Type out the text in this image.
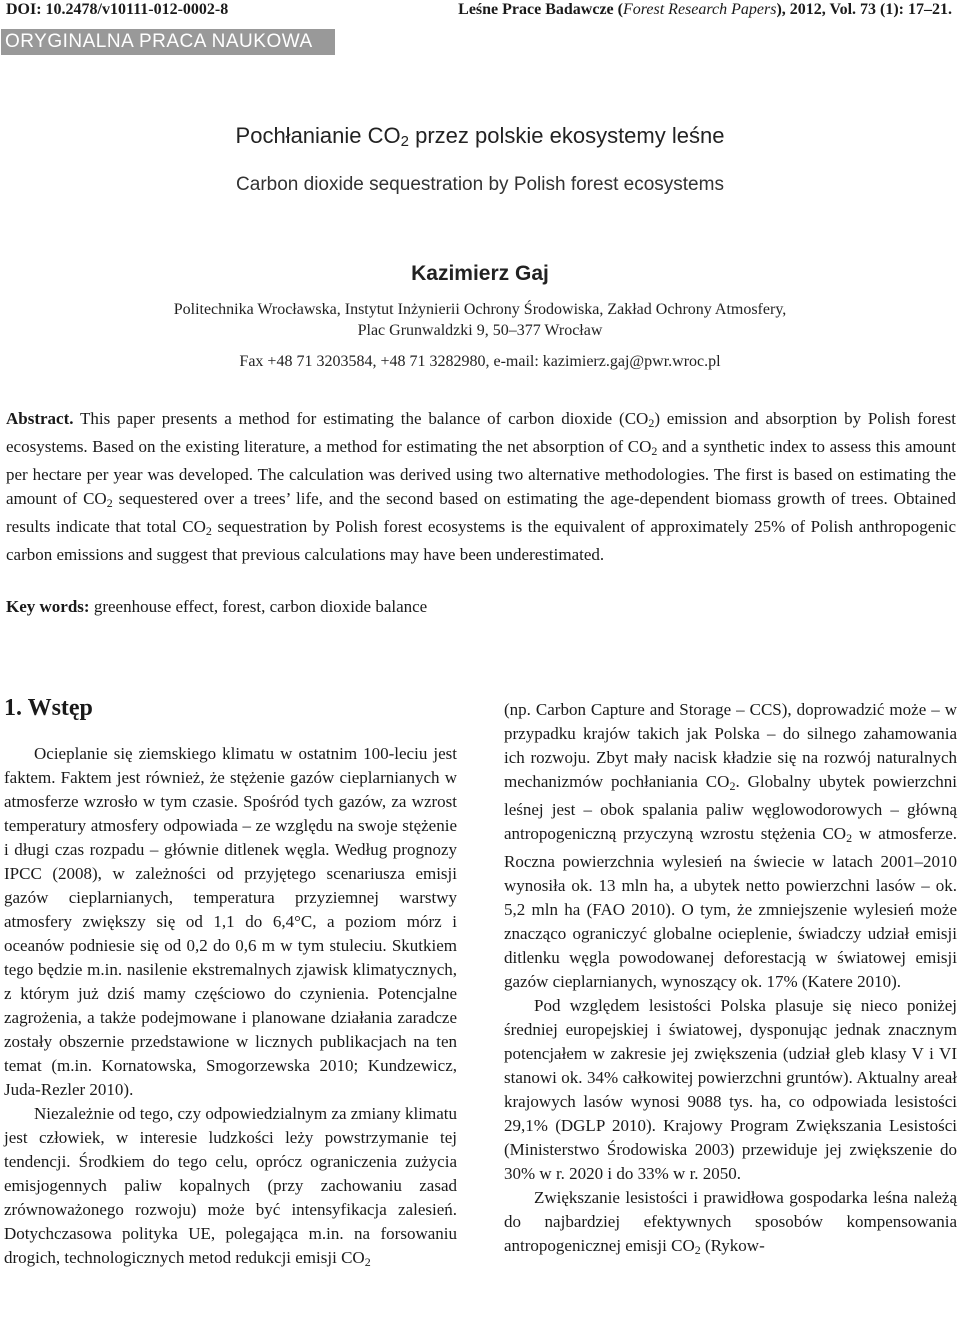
DOI: 10.2478/v10111-012-0002-8	Leśne Prace Badawcze (Forest Research Papers), 2012, Vol. 73 (1): 17–21.
ORYGINALNA PRACA NAUKOWA
Pochłanianie $CO_2$ przez polskie ekosystemy leśne
Carbon dioxide sequestration by Polish forest ecosystems
Kazimierz Gaj
Politechnika Wrocławska, Instytut Inżynierii Ochrony Środowiska, Zakład Ochrony Atmosfery,
Plac Grunwaldzki 9, 50–377 Wrocław
Fax +48 71 3203584, +48 71 3282980, e-mail: kazimierz.gaj@pwr.wroc.pl
Abstract. This paper presents a method for estimating the balance of carbon dioxide $(CO_2)$ emission and absorption by Polish forest ecosystems. Based on the existing literature, a method for estimating the net absorption of $CO_2$ and a synthetic index to assess this amount per hectare per year was developed. The calculation was derived using two alternative methodologies. The first is based on estimating the amount of $CO_2$ sequestered over a trees’ life, and the second based on estimating the age-dependent biomass growth of trees. Obtained results indicate that total $CO_2$ sequestration by Polish forest ecosystems is the equivalent of approximately 25% of Polish anthropogenic carbon emissions and suggest that previous calculations may have been underestimated.
Key words: greenhouse effect, forest, carbon dioxide balance
1. Wstęp

Ocieplanie się ziemskiego klimatu w ostatnim 100-leciu jest faktem. Faktem jest również, że stężenie gazów cieplarnianych w atmosferze wzrosło w tym czasie. Spośród tych gazów, za wzrost temperatury atmosfery odpowiada – ze względu na swoje stężenie i długi czas rozpadu – głównie ditlenek węgla. Według prognozy IPCC (2008), w zależności od przyjętego scenariusza emisji gazów cieplarnianych, temperatura przyziemnej warstwy atmosfery zwiększy się od 1,1 do 6,4°C, a poziom mórz i oceanów podniesie się od 0,2 do 0,6 m w tym stuleciu. Skutkiem tego będzie m.in. nasilenie ekstremalnych zjawisk klimatycznych, z którym już dziś mamy częściowo do czynienia. Potencjalne zagrożenia, a także podejmowane i planowane działania zaradcze zostały obszernie przedstawione w licznych publikacjach na ten temat (m.in. Kornatowska, Smogorzewska 2010; Kundzewicz, Juda-Rezler 2010).

Niezależnie od tego, czy odpowiedzialnym za zmiany klimatu jest człowiek, w interesie ludzkości leży powstrzymanie tej tendencji. Środkiem do tego celu, oprócz ograniczenia zużycia emisjogennych paliw kopalnych (przy zachowaniu zasad zrównoważonego rozwoju) może być intensyfikacja zalesień. Dotychczasowa polityka UE, polegająca m.in. na forsowaniu drogich, technologicznych metod redukcji emisji $CO_2$

(np. Carbon Capture and Storage – CCS), doprowadzić może – w przypadku krajów takich jak Polska – do silnego zahamowania ich rozwoju. Zbyt mały nacisk kładzie się na rozwój naturalnych mechanizmów pochłaniania $CO_2$. Globalny ubytek powierzchni leśnej jest – obok spalania paliw węglowodorowych – główną antropogeniczną przyczyną wzrostu stężenia $CO_2$ w atmosferze. Roczna powierzchnia wylesień na świecie w latach 2001–2010 wynosiła ok. 13 mln ha, a ubytek netto powierzchni lasów – ok. 5,2 mln ha (FAO 2010). O tym, że zmniejszenie wylesień może znacząco ograniczyć globalne ocieplenie, świadczy udział emisji ditlenku węgla powodowanej deforestacją w światowej emisji gazów cieplarnianych, wynoszący ok. 17% (Katere 2010).

Pod względem lesistości Polska plasuje się nieco poniżej średniej europejskiej i światowej, dysponując jednak znacznym potencjałem w zakresie jej zwiększenia (udział gleb klasy V i VI stanowi ok. 34% całkowitej powierzchni gruntów). Aktualny areał krajowych lasów wynosi 9088 tys. ha, co odpowiada lesistości 29,1% (DGLP 2010). Krajowy Program Zwiększania Lesistości (Ministerstwo Środowiska 2003) przewiduje jej zwiększenie do 30% w r. 2020 i do 33% w r. 2050.

Zwiększanie lesistości i prawidłowa gospodarka leśna należą do najbardziej efektywnych sposobów kompensowania antropogenicznej emisji $CO_2$ (Rykow-
